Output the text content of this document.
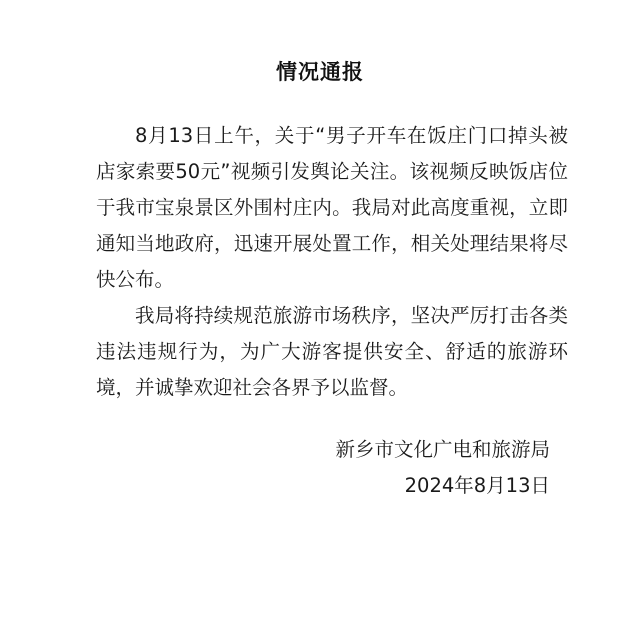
情况通报

8月13日上午，关于“男子开车在饭庄门口掉头被店家索要50元”视频引发舆论关注。该视频反映饭店位于我市宝泉景区外围村庄内。我局对此高度重视，立即通知当地政府，迅速开展处置工作，相关处理结果将尽快公布。

我局将持续规范旅游市场秩序，坚决严厉打击各类违法违规行为，为广大游客提供安全、舒适的旅游环境，并诚挚欢迎社会各界予以监督。

新乡市文化广电和旅游局
2024年8月13日
